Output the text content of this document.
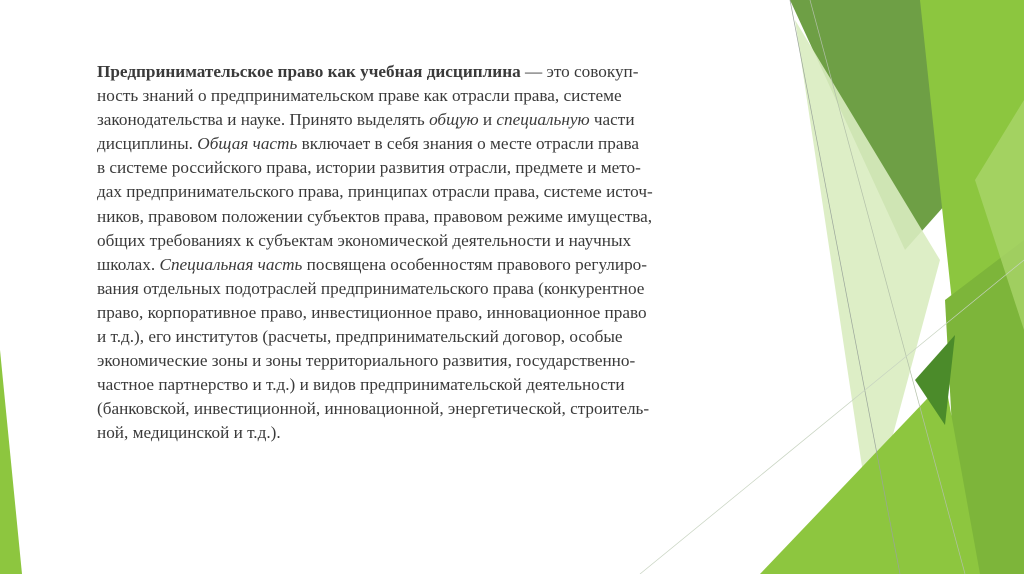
Предпринимательское право как учебная дисциплина — это совокуп-
ность знаний о предпринимательском праве как отрасли права, системе
законодательства и науке. Принято выделять общую и специальную части
дисциплины. Общая часть включает в себя знания о месте отрасли права
в системе российского права, истории развития отрасли, предмете и мето-
дах предпринимательского права, принципах отрасли права, системе источ-
ников, правовом положении субъектов права, правовом режиме имущества,
общих требованиях к субъектам экономической деятельности и научных
школах. Специальная часть посвящена особенностям правового регулиро-
вания отдельных подотраслей предпринимательского права (конкурентное
право, корпоративное право, инвестиционное право, инновационное право
и т.д.), его институтов (расчеты, предпринимательский договор, особые
экономические зоны и зоны территориального развития, государственно-
частное партнерство и т.д.) и видов предпринимательской деятельности
(банковской, инвестиционной, инновационной, энергетической, строитель-
ной, медицинской и т.д.).
